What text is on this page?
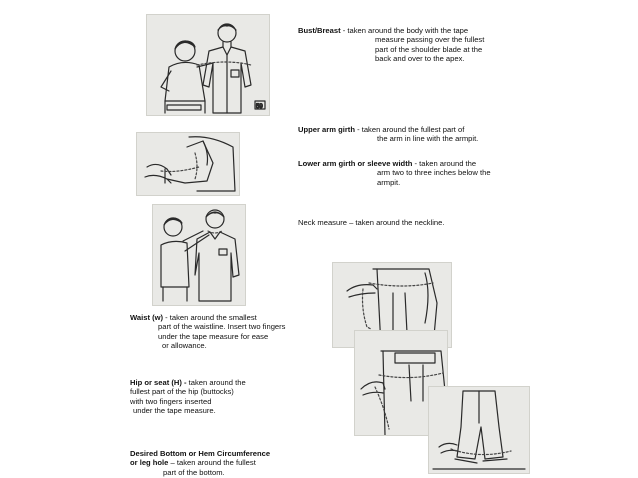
59
Bust/Breast - taken around the body with the tape
measure passing over the fullest
part of the shoulder blade at the
back and over to the apex.
Upper arm girth - taken around the fullest part of
the arm in line with the armpit.
Lower arm girth or sleeve width - taken around the
arm two to three inches below the
armpit.
Neck measure – taken around the neckline.
Waist (w) - taken around the smallest
part of the waistline. Insert two fingers
under the tape measure for ease
or allowance.
Hip or seat (H) - taken around the
fullest part of the hip (buttocks)
with two fingers inserted
under the tape measure.
Desired Bottom or Hem Circumference
or leg hole – taken around the fullest
part of the bottom.
